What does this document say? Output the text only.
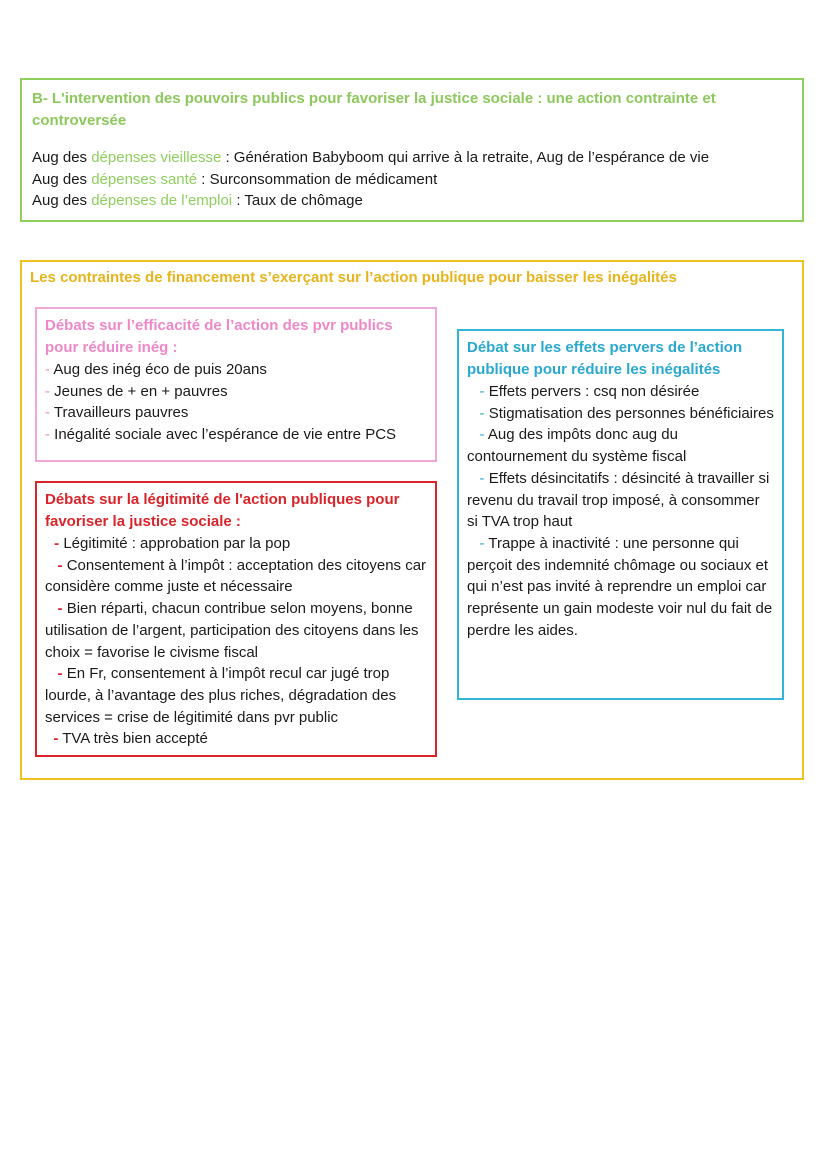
B- L'intervention des pouvoirs publics pour favoriser la justice sociale : une action contrainte et controversée
Aug des dépenses vieillesse : Génération Babyboom qui arrive à la retraite, Aug de l’espérance de vie
Aug des dépenses santé : Surconsommation de médicament
Aug des dépenses de l’emploi : Taux de chômage
Les contraintes de financement s’exerçant sur l’action publique pour baisser les inégalités
Débats sur l’efficacité de l’action des pvr publics pour réduire inég :
- Aug des inég éco de puis 20ans
- Jeunes de + en + pauvres
- Travailleurs pauvres
- Inégalité sociale avec l’espérance de vie entre PCS
Débats sur la légitimité de l'action publiques pour favoriser la justice sociale :
- Légitimité : approbation par la pop
- Consentement à l’impôt : acceptation des citoyens car considère comme juste et nécessaire
- Bien réparti, chacun contribue selon moyens, bonne utilisation de l’argent, participation des citoyens dans les choix = favorise le civisme fiscal
- En Fr, consentement à l’impôt recul car jugé trop lourde, à l’avantage des plus riches, dégradation des services = crise de légitimité dans pvr public
- TVA très bien accepté
Débat sur les effets pervers de l’action publique pour réduire les inégalités
- Effets pervers : csq non désirée
- Stigmatisation des personnes bénéficiaires
- Aug des impôts donc aug du contournement du système fiscal
- Effets désincitatifs : désincité à travailler si revenu du travail trop imposé, à consommer si TVA trop haut
- Trappe à inactivité : une personne qui perçoit des indemnité chômage ou sociaux et qui n’est pas invité à reprendre un emploi car représente un gain modeste voir nul du fait de perdre les aides.
